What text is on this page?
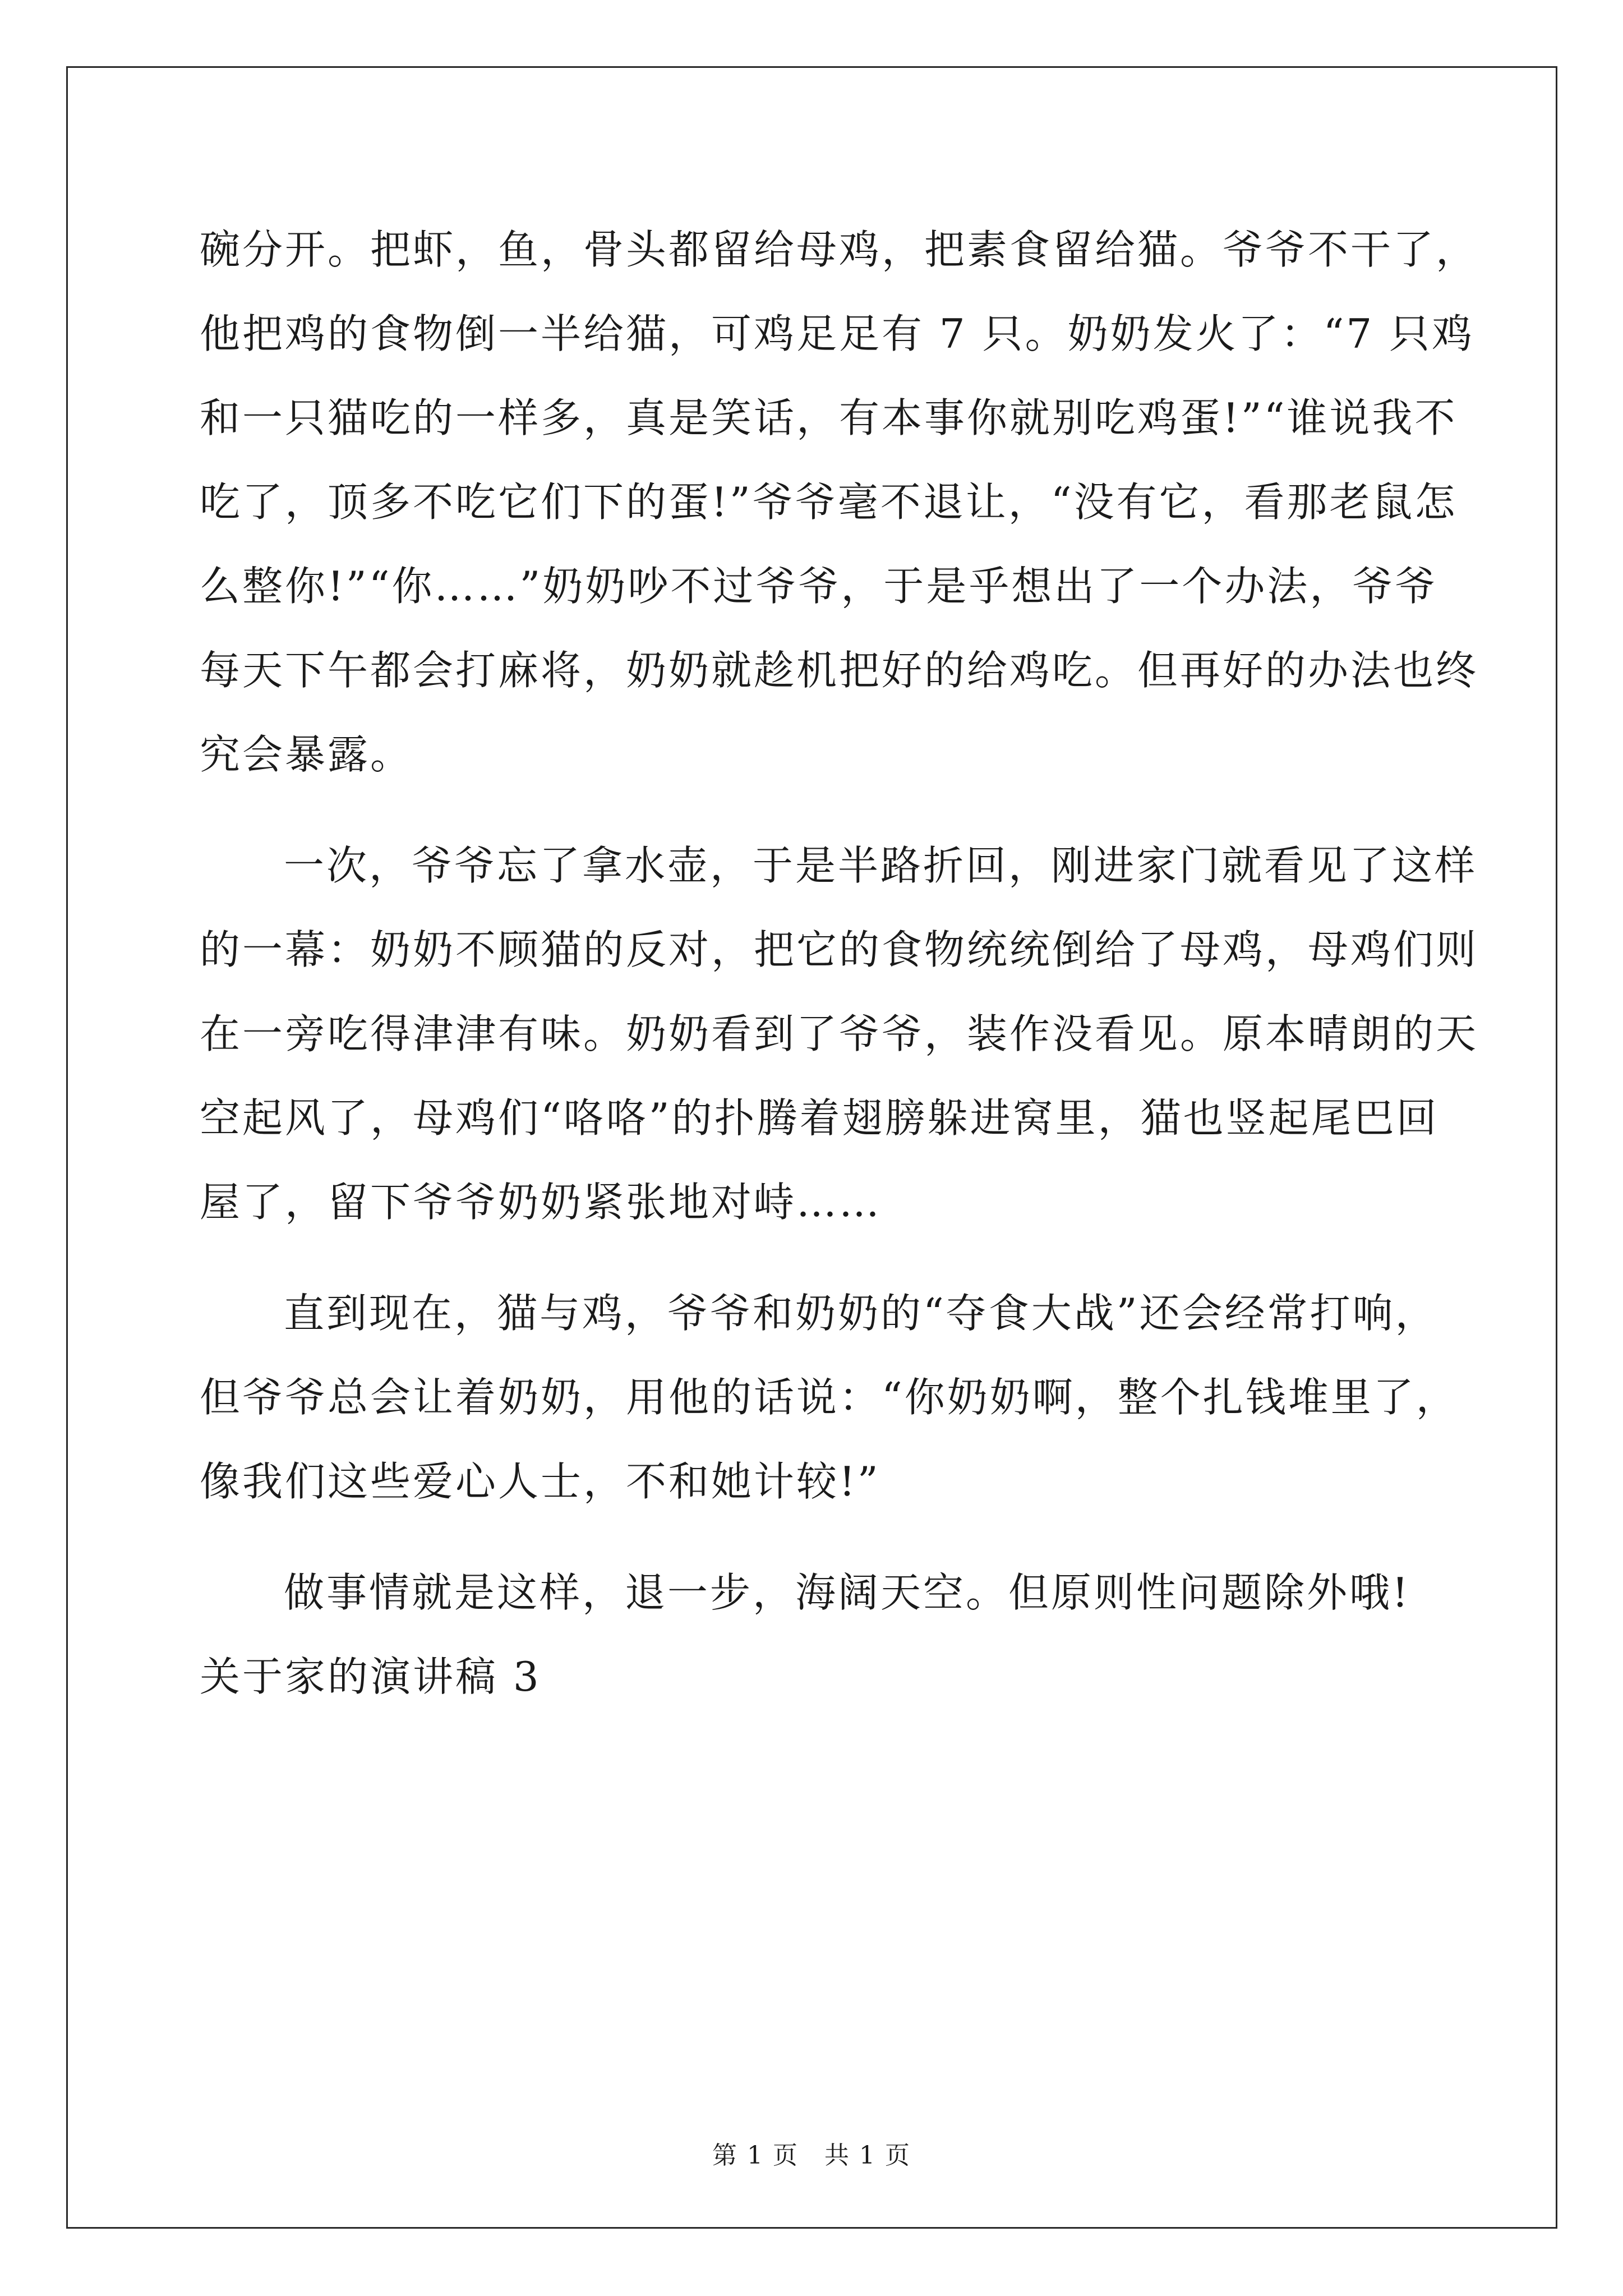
碗分开。把虾，鱼，骨头都留给母鸡，把素食留给猫。爷爷不干了，
他把鸡的食物倒一半给猫，可鸡足足有 7 只。奶奶发火了：“7 只鸡
和一只猫吃的一样多，真是笑话，有本事你就别吃鸡蛋!”“谁说我不
吃了，顶多不吃它们下的蛋!”爷爷毫不退让，“没有它，看那老鼠怎
么整你!”“你……”奶奶吵不过爷爷，于是乎想出了一个办法，爷爷
每天下午都会打麻将，奶奶就趁机把好的给鸡吃。但再好的办法也终
究会暴露。
一次，爷爷忘了拿水壶，于是半路折回，刚进家门就看见了这样
的一幕：奶奶不顾猫的反对，把它的食物统统倒给了母鸡，母鸡们则
在一旁吃得津津有味。奶奶看到了爷爷，装作没看见。原本晴朗的天
空起风了，母鸡们“咯咯”的扑腾着翅膀躲进窝里，猫也竖起尾巴回
屋了，留下爷爷奶奶紧张地对峙……
直到现在，猫与鸡，爷爷和奶奶的“夺食大战”还会经常打响，
但爷爷总会让着奶奶，用他的话说：“你奶奶啊，整个扎钱堆里了，
像我们这些爱心人士，不和她计较!”
做事情就是这样，退一步，海阔天空。但原则性问题除外哦!
关于家的演讲稿 3
第 1 页　共 1 页
